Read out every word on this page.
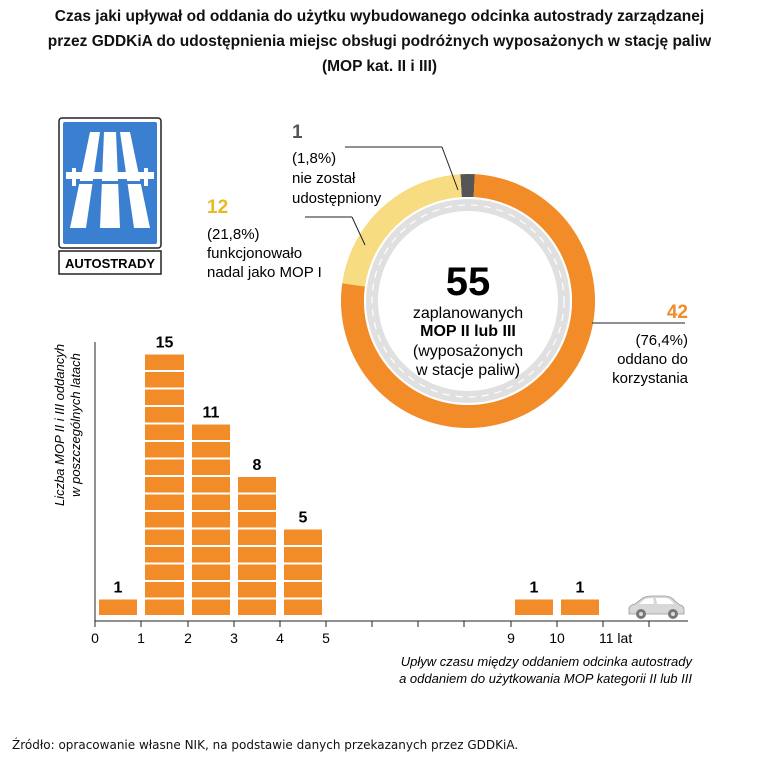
Czas jaki upływał od oddania do użytku wybudowanego odcinka autostrady zarządzanej
przez GDDKiA do udostępnienia miejsc obsługi podróżnych wyposażonych w stację paliw
(MOP kat. II i III)
AUTOSTRADY	55
zaplanowanych
MOP II lub III
(wyposażonych
w stacje paliw)
1
(1,8%)
nie został
udostępniony
12
(21,8%)
funkcjonowało
nadal jako MOP I
42
(76,4%)
oddano do
korzystania
1
15
11
8
5
1 1
0	1	2	3	4	5	9 10 11 lat
Liczba MOP II i III oddancyh w poszczególnych latach
Upływ czasu między oddaniem odcinka autostrady
a oddaniem do użytkowania MOP kategorii II lub III
Źródło: opracowanie własne NIK, na podstawie danych przekazanych przez GDDKiA.
